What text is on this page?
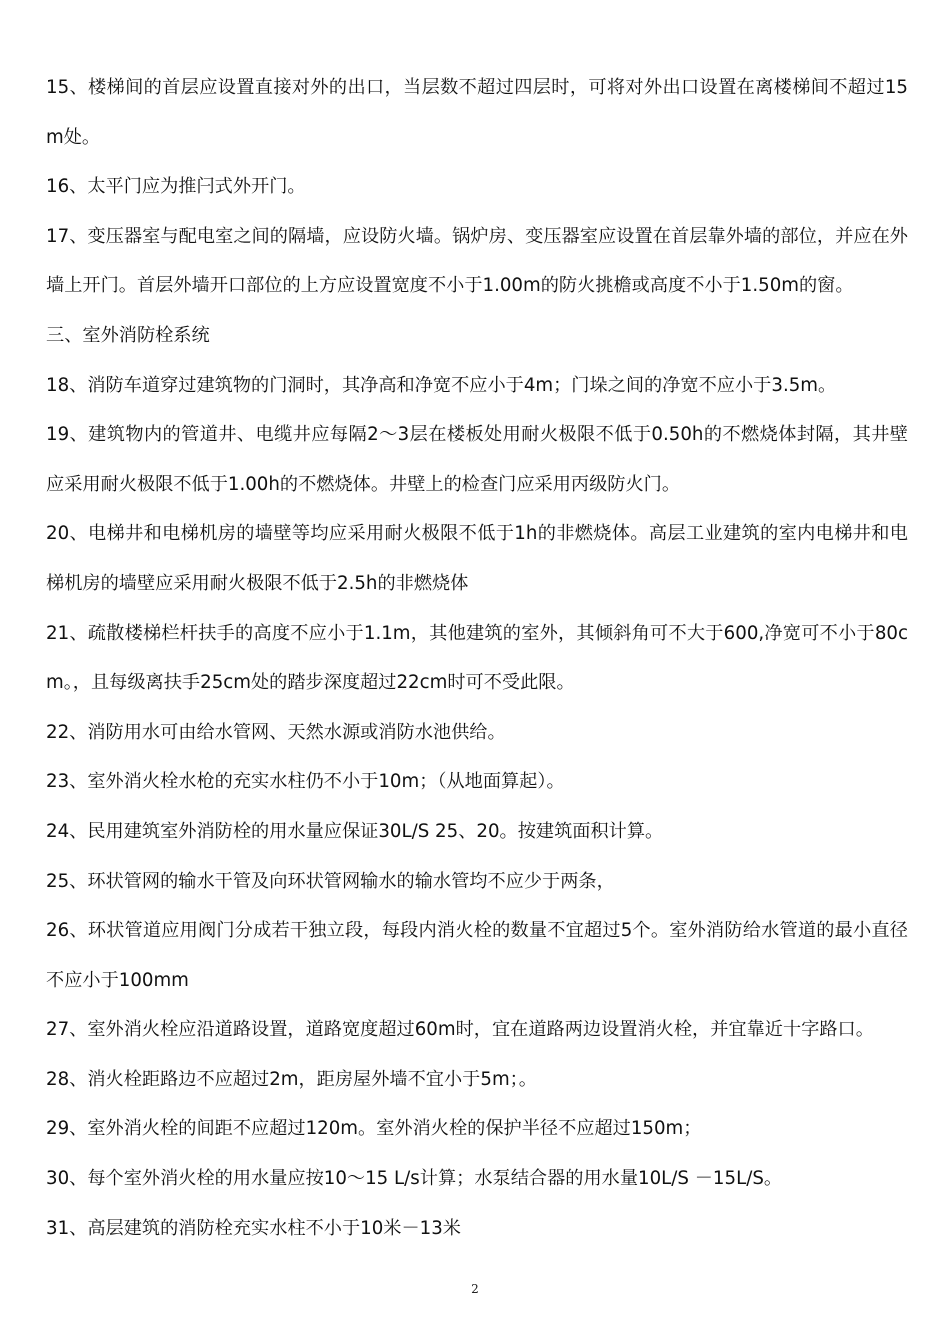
15、楼梯间的首层应设置直接对外的出口，当层数不超过四层时，可将对外出口设置在离楼梯间不超过15m处。

16、太平门应为推闩式外开门。

17、变压器室与配电室之间的隔墙，应设防火墙。锅炉房、变压器室应设置在首层靠外墙的部位，并应在外墙上开门。首层外墙开口部位的上方应设置宽度不小于1.00m的防火挑檐或高度不小于1.50m的窗。

三、室外消防栓系统

18、消防车道穿过建筑物的门洞时，其净高和净宽不应小于4m；门垛之间的净宽不应小于3.5m。

19、建筑物内的管道井、电缆井应每隔2～3层在楼板处用耐火极限不低于0.50h的不燃烧体封隔，其井壁应采用耐火极限不低于1.00h的不燃烧体。井壁上的检查门应采用丙级防火门。

20、电梯井和电梯机房的墙壁等均应采用耐火极限不低于1h的非燃烧体。高层工业建筑的室内电梯井和电梯机房的墙壁应采用耐火极限不低于2.5h的非燃烧体

21、疏散楼梯栏杆扶手的高度不应小于1.1m，其他建筑的室外，其倾斜角可不大于600,净宽可不小于80cm。，且每级离扶手25cm处的踏步深度超过22cm时可不受此限。

22、消防用水可由给水管网、天然水源或消防水池供给。

23、室外消火栓水枪的充实水柱仍不小于10m；（从地面算起）。

24、民用建筑室外消防栓的用水量应保证30L/S 25、20。按建筑面积计算。

25、环状管网的输水干管及向环状管网输水的输水管均不应少于两条，

26、环状管道应用阀门分成若干独立段，每段内消火栓的数量不宜超过5个。室外消防给水管道的最小直径不应小于100mm

27、室外消火栓应沿道路设置，道路宽度超过60m时，宜在道路两边设置消火栓，并宜靠近十字路口。

28、消火栓距路边不应超过2m，距房屋外墙不宜小于5m；。

29、室外消火栓的间距不应超过120m。室外消火栓的保护半径不应超过150m；

30、每个室外消火栓的用水量应按10～15 L/s计算；水泵结合器的用水量10L/S －15L/S。

31、高层建筑的消防栓充实水柱不小于10米－13米

2
